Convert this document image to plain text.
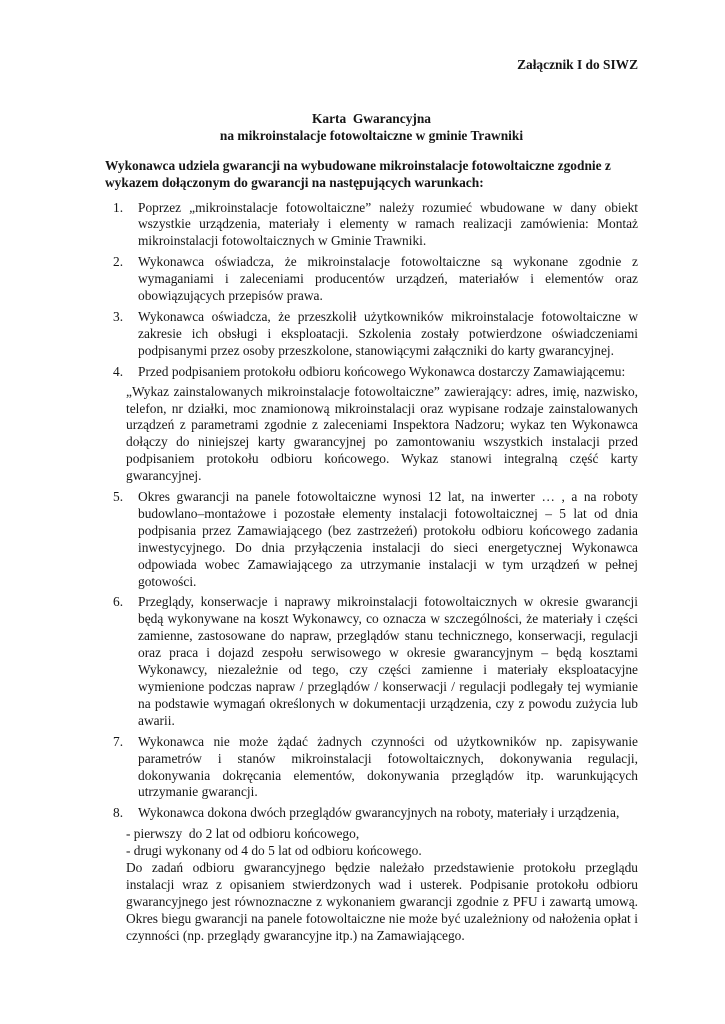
Załącznik I do SIWZ
Karta  Gwarancyjna
na mikroinstalacje fotowoltaiczne w gminie Trawniki

Wykonawca udziela gwarancji na wybudowane mikroinstalacje fotowoltaiczne zgodnie z wykazem dołączonym do gwarancji na następujących warunkach:

1.	Poprzez „mikroinstalacje fotowoltaiczne” należy rozumieć wbudowane w dany obiekt wszystkie urządzenia, materiały i elementy w ramach realizacji zamówienia: Montaż mikroinstalacji fotowoltaicznych w Gminie Trawniki.
2.	Wykonawca oświadcza, że mikroinstalacje fotowoltaiczne są wykonane zgodnie z wymaganiami i zaleceniami producentów urządzeń, materiałów i elementów oraz obowiązujących przepisów prawa.
3.	Wykonawca oświadcza, że przeszkolił użytkowników mikroinstalacje fotowoltaiczne w zakresie ich obsługi i eksploatacji. Szkolenia zostały potwierdzone oświadczeniami podpisanymi przez osoby przeszkolone, stanowiącymi załączniki do karty gwarancyjnej.
4.	Przed podpisaniem protokołu odbioru końcowego Wykonawca dostarczy Zamawiającemu:

„Wykaz zainstalowanych mikroinstalacje fotowoltaiczne” zawierający: adres, imię, nazwisko, telefon, nr działki, moc znamionową mikroinstalacji oraz wypisane rodzaje zainstalowanych urządzeń z parametrami zgodnie z zaleceniami Inspektora Nadzoru; wykaz ten Wykonawca dołączy do niniejszej karty gwarancyjnej po zamontowaniu wszystkich instalacji przed podpisaniem protokołu odbioru końcowego. Wykaz stanowi integralną część karty gwarancyjnej.

5.	Okres gwarancji na panele fotowoltaiczne wynosi 12 lat, na inwerter … , a na roboty budowlano–montażowe i pozostałe elementy instalacji fotowoltaicznej – 5 lat od dnia podpisania przez Zamawiającego (bez zastrzeżeń) protokołu odbioru końcowego zadania inwestycyjnego. Do dnia przyłączenia instalacji do sieci energetycznej Wykonawca odpowiada wobec Zamawiającego za utrzymanie instalacji w tym urządzeń w pełnej gotowości.
6.	Przeglądy, konserwacje i naprawy mikroinstalacji fotowoltaicznych w okresie gwarancji będą wykonywane na koszt Wykonawcy, co oznacza w szczególności, że materiały i części zamienne, zastosowane do napraw, przeglądów stanu technicznego, konserwacji, regulacji oraz praca i dojazd zespołu serwisowego w okresie gwarancyjnym – będą kosztami Wykonawcy, niezależnie od tego, czy części zamienne i materiały eksploatacyjne wymienione podczas napraw / przeglądów / konserwacji / regulacji podlegały tej wymianie na podstawie wymagań określonych w dokumentacji urządzenia, czy z powodu zużycia lub awarii.
7.	Wykonawca nie może żądać żadnych czynności od użytkowników np. zapisywanie parametrów i stanów mikroinstalacji fotowoltaicznych, dokonywania regulacji, dokonywania dokręcania elementów, dokonywania przeglądów itp. warunkujących utrzymanie gwarancji.
8.	Wykonawca dokona dwóch przeglądów gwarancyjnych na roboty, materiały i urządzenia,
- pierwszy  do 2 lat od odbioru końcowego,
- drugi wykonany od 4 do 5 lat od odbioru końcowego.

Do zadań odbioru gwarancyjnego będzie należało przedstawienie protokołu przeglądu instalacji wraz z opisaniem stwierdzonych wad i usterek. Podpisanie protokołu odbioru gwarancyjnego jest równoznaczne z wykonaniem gwarancji zgodnie z PFU i zawartą umową. Okres biegu gwarancji na panele fotowoltaiczne nie może być uzależniony od nałożenia opłat i czynności (np. przeglądy gwarancyjne itp.) na Zamawiającego.
